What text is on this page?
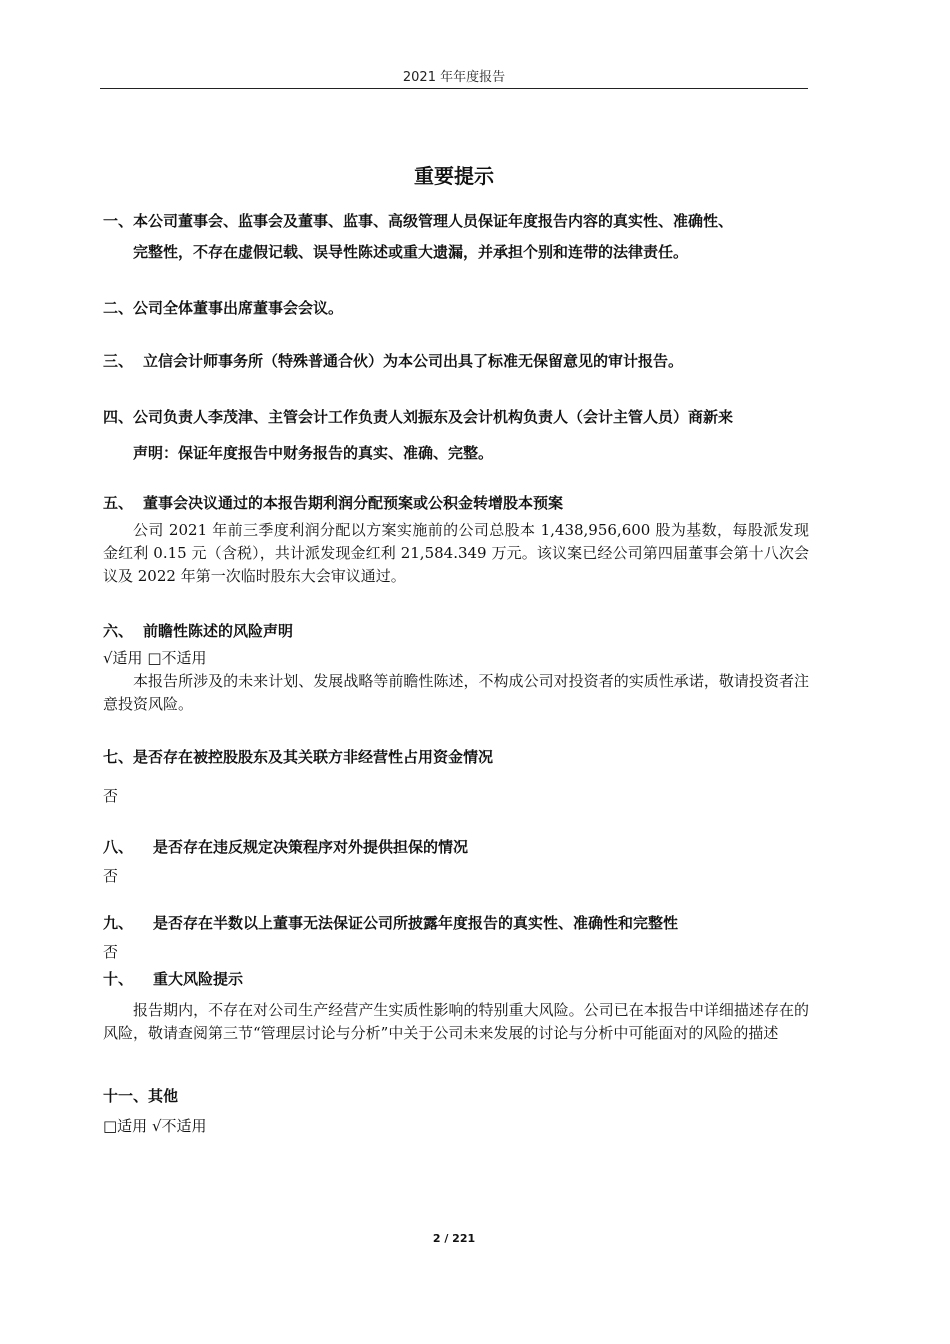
2021 年年度报告
重要提示
一、本公司董事会、监事会及董事、监事、高级管理人员保证年度报告内容的真实性、准确性、
完整性，不存在虚假记载、误导性陈述或重大遗漏，并承担个别和连带的法律责任。
二、公司全体董事出席董事会会议。
三、 立信会计师事务所（特殊普通合伙）为本公司出具了标准无保留意见的审计报告。
四、公司负责人李茂津、主管会计工作负责人刘振东及会计机构负责人（会计主管人员）商新来
声明：保证年度报告中财务报告的真实、准确、完整。
五、 董事会决议通过的本报告期利润分配预案或公积金转增股本预案
公司 2021 年前三季度利润分配以方案实施前的公司总股本 1,438,956,600 股为基数，每股派发现金红利 0.15 元（含税），共计派发现金红利 21,584.349 万元。该议案已经公司第四届董事会第十八次会议及 2022 年第一次临时股东大会审议通过。
六、 前瞻性陈述的风险声明
√适用 □不适用
本报告所涉及的未来计划、发展战略等前瞻性陈述，不构成公司对投资者的实质性承诺，敬请投资者注意投资风险。
七、是否存在被控股股东及其关联方非经营性占用资金情况
否
八、 是否存在违反规定决策程序对外提供担保的情况
否
九、 是否存在半数以上董事无法保证公司所披露年度报告的真实性、准确性和完整性
否
十、 重大风险提示
报告期内，不存在对公司生产经营产生实质性影响的特别重大风险。公司已在本报告中详细描述存在的风险，敬请查阅第三节“管理层讨论与分析”中关于公司未来发展的讨论与分析中可能面对的风险的描述
十一、其他
□适用 √不适用
2 / 221
